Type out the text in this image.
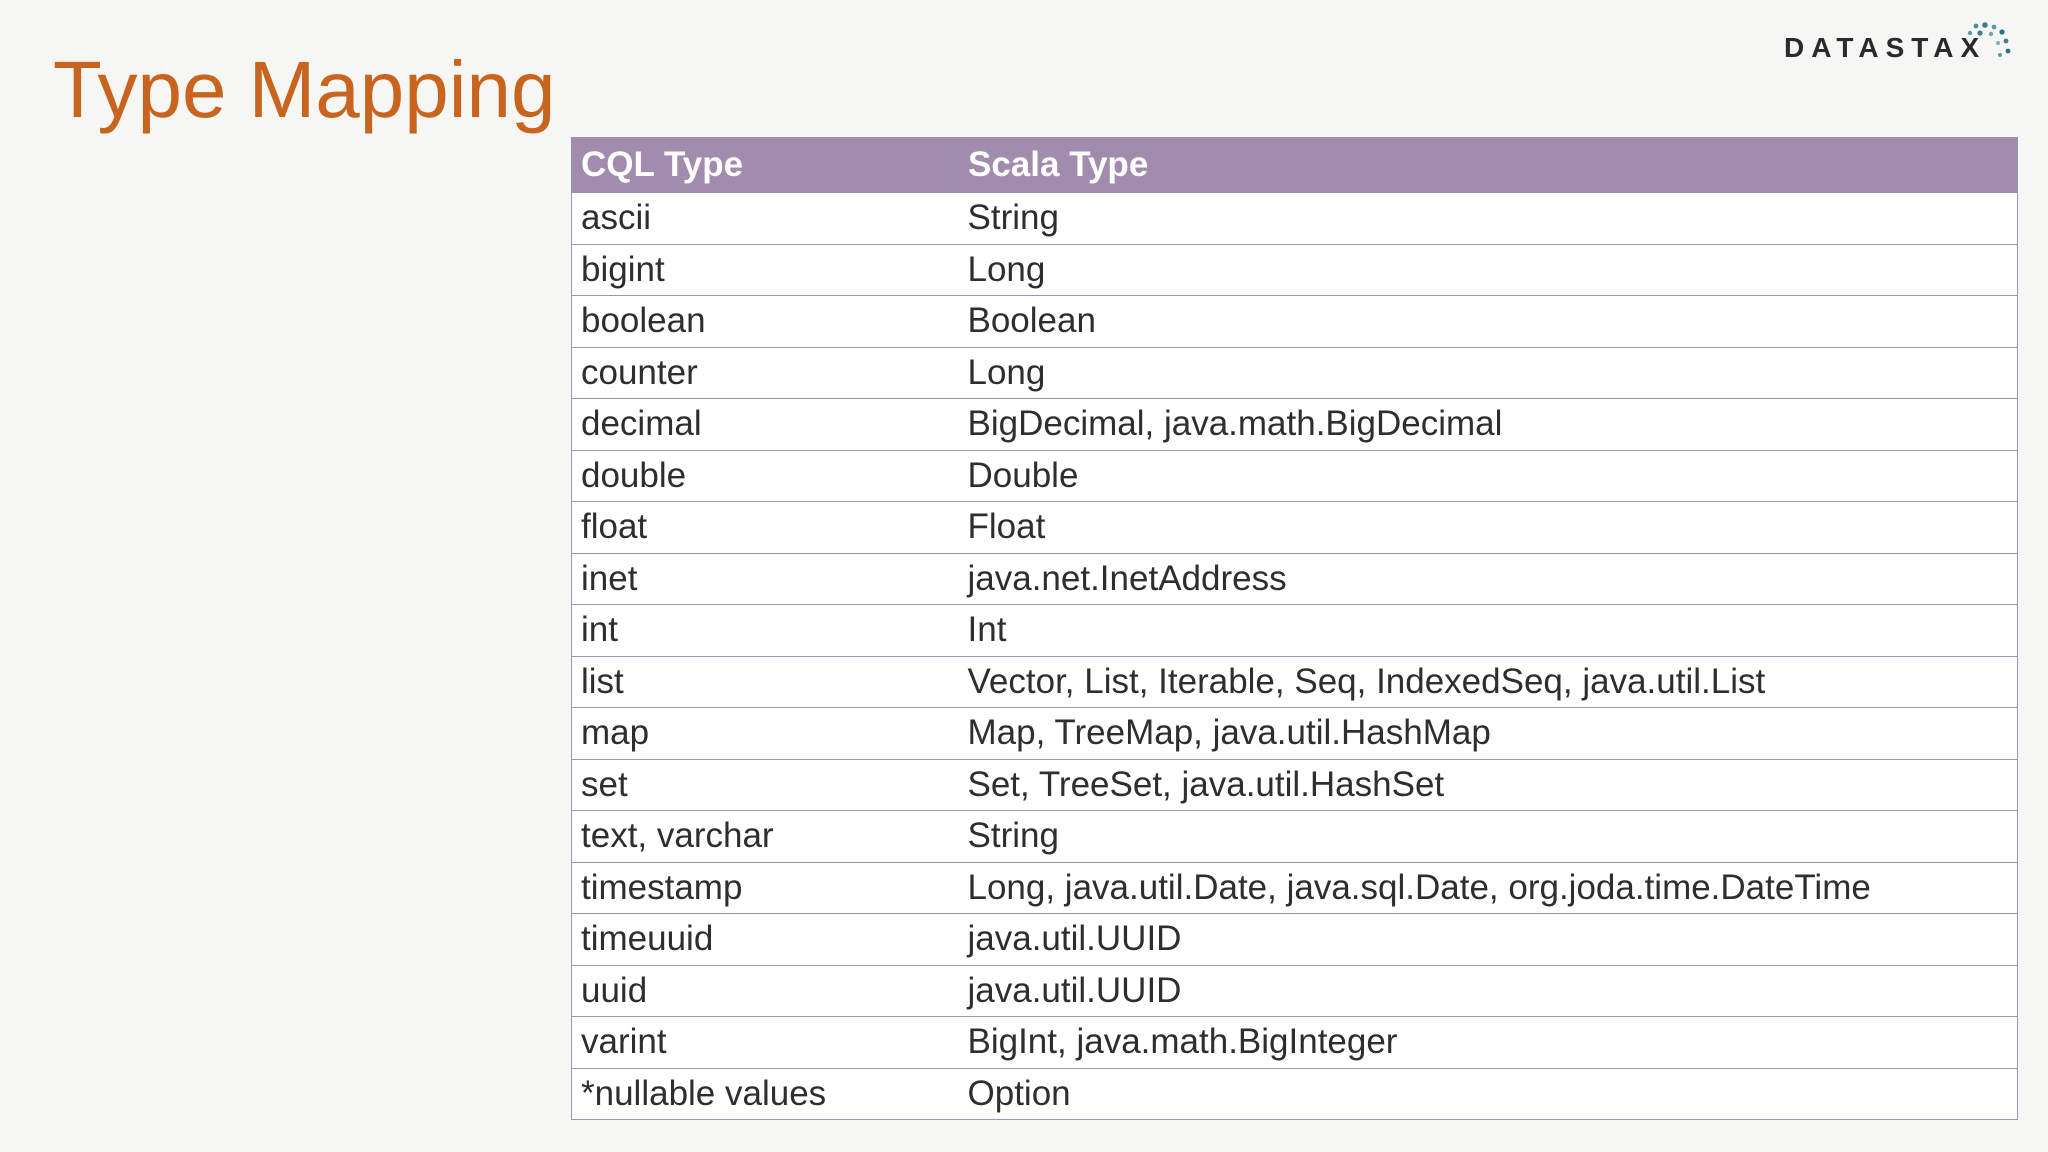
Type Mapping	DATASTAX
CQL Type	Scala Type
ascii	String
bigint	Long
boolean	Boolean
counter	Long
decimal	BigDecimal, java.math.BigDecimal
double	Double
float	Float
inet	java.net.InetAddress
int	Int
list	Vector, List, Iterable, Seq, IndexedSeq, java.util.List
map	Map, TreeMap, java.util.HashMap
set	Set, TreeSet, java.util.HashSet
text, varchar	String
timestamp	Long, java.util.Date, java.sql.Date, org.joda.time.DateTime
timeuuid	java.util.UUID
uuid	java.util.UUID
varint	BigInt, java.math.BigInteger
*nullable values	Option
